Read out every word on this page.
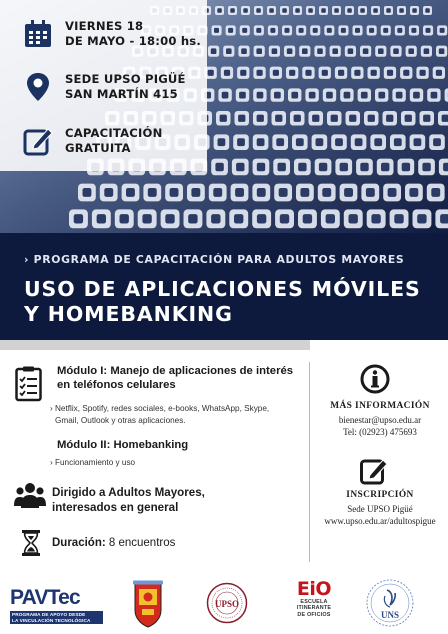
VIERNES 18
DE MAYO - 18:00 hs.
SEDE UPSO PIGÜÉ
SAN MARTÍN 415
CAPACITACIÓN
GRATUITA
› PROGRAMA DE CAPACITACIÓN PARA ADULTOS MAYORES
USO DE APLICACIONES MÓVILES
Y HOMEBANKING
Módulo I: Manejo de aplicaciones de interés
en teléfonos celulares
› Netflix, Spotify, redes sociales, e-books, WhatsApp, Skype,
Gmail, Outlook y otras aplicaciones.
Módulo II: Homebanking
› Funcionamiento y uso
Dirigido a Adultos Mayores,
interesados en general
Duración: 8 encuentros
MÁS INFORMACIÓN
bienestar@upso.edu.ar
Tel: (02923) 475693
INSCRIPCIÓN
Sede UPSO Pigüé
www.upso.edu.ar/adultospigue
PAVTec
PROGRAMA DE APOYO DESDE
LA VINCULACIÓN TECNOLÓGICA
UPSO
EiO
ESCUELA
ITINERANTE
DE OFICIOS	UNS
